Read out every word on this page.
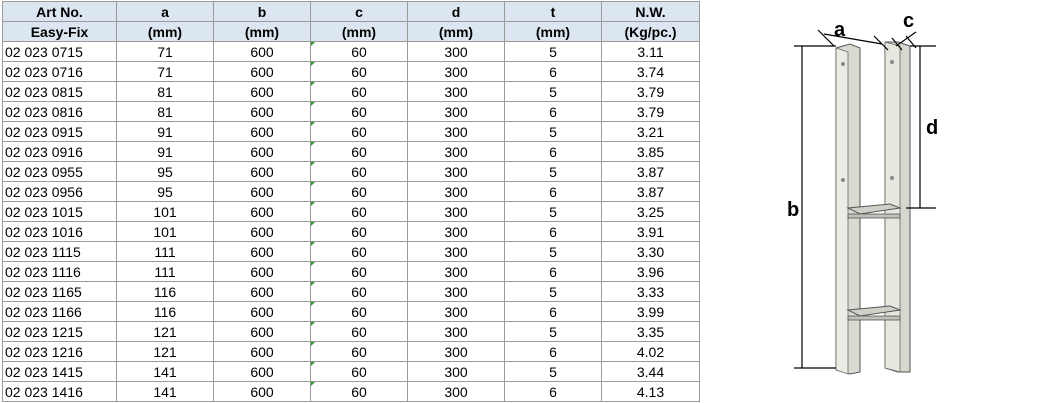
Art No.	a	b	c	d	t	N.W.
Easy-Fix	(mm)	(mm)	(mm)	(mm)	(mm)	(Kg/pc.)
02 023 0715	71	600	60	300	5	3.11
02 023 0716	71	600	60	300	6	3.74
02 023 0815	81	600	60	300	5	3.79
02 023 0816	81	600	60	300	6	3.79
02 023 0915	91	600	60	300	5	3.21
02 023 0916	91	600	60	300	6	3.85
02 023 0955	95	600	60	300	5	3.87
02 023 0956	95	600	60	300	6	3.87
02 023 1015	101	600	60	300	5	3.25
02 023 1016	101	600	60	300	6	3.91
02 023 1115	111	600	60	300	5	3.30
02 023 1116	111	600	60	300	6	3.96
02 023 1165	116	600	60	300	5	3.33
02 023 1166	116	600	60	300	6	3.99
02 023 1215	121	600	60	300	5	3.35
02 023 1216	121	600	60	300	6	4.02
02 023 1415	141	600	60	300	5	3.44
02 023 1416	141	600	60	300	6	4.13
a	c
b
d
